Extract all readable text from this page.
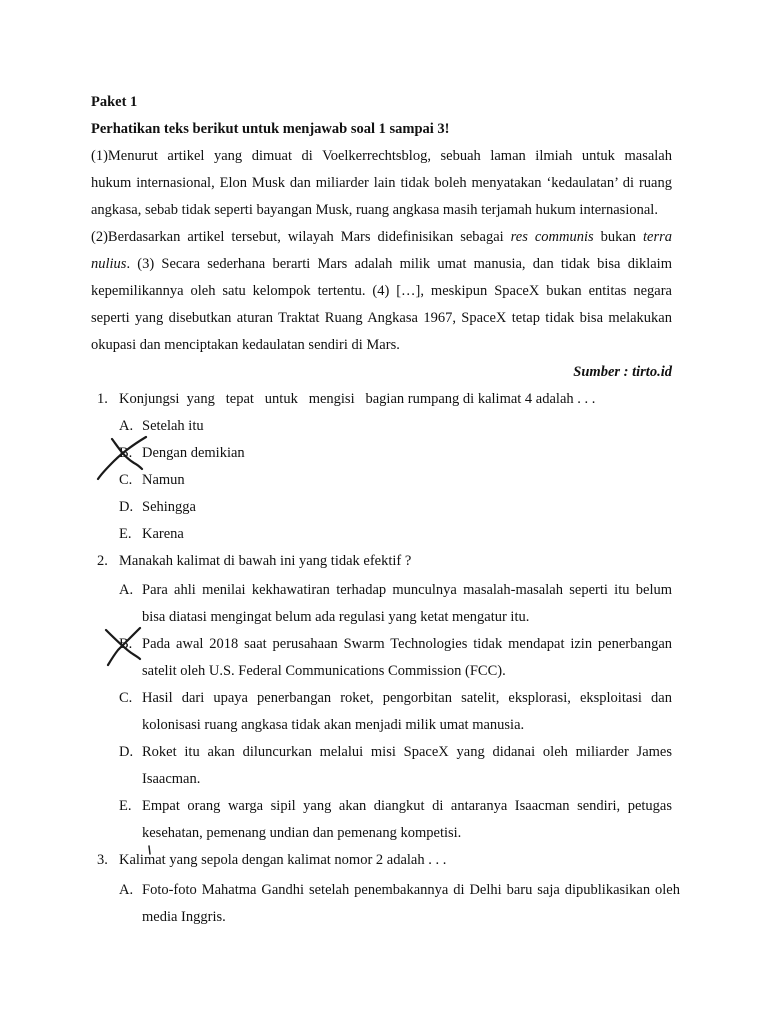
Paket 1

Perhatikan teks berikut untuk menjawab soal 1 sampai 3!

(1)Menurut artikel yang dimuat di Voelkerrechtsblog, sebuah laman ilmiah untuk masalah

hukum internasional, Elon Musk dan miliarder lain tidak boleh menyatakan ‘kedaulatan’ di ruang

angkasa, sebab tidak seperti bayangan Musk, ruang angkasa masih terjamah hukum internasional.

(2)Berdasarkan artikel tersebut, wilayah Mars didefinisikan sebagai res communis bukan terra

nulius. (3) Secara sederhana berarti Mars adalah milik umat manusia, dan tidak bisa diklaim

kepemilikannya oleh satu kelompok tertentu. (4) […], meskipun SpaceX bukan entitas negara

seperti yang disebutkan aturan Traktat Ruang Angkasa 1967, SpaceX tetap tidak bisa melakukan

okupasi dan menciptakan kedaulatan sendiri di Mars.

Sumber : tirto.id

1. Konjungsi  yang   tepat   untuk   mengisi   bagian rumpang di kalimat 4 adalah . . .

A. Setelah itu

B. Dengan demikian

C. Namun

D. Sehingga

E. Karena

2. Manakah kalimat di bawah ini yang tidak efektif ?

A. Para ahli menilai kekhawatiran terhadap munculnya masalah-masalah seperti itu belum

bisa diatasi mengingat belum ada regulasi yang ketat mengatur itu.

B. Pada awal 2018 saat perusahaan Swarm Technologies tidak mendapat izin penerbangan

satelit oleh U.S. Federal Communications Commission (FCC).

C. Hasil dari upaya penerbangan roket, pengorbitan satelit, eksplorasi, eksploitasi dan

kolonisasi ruang angkasa tidak akan menjadi milik umat manusia.

D. Roket itu akan diluncurkan melalui misi SpaceX yang didanai oleh miliarder James

Isaacman.

E. Empat orang warga sipil yang akan diangkut di antaranya Isaacman sendiri, petugas

kesehatan, pemenang undian dan pemenang kompetisi.

3. Kalimat yang sepola dengan kalimat nomor 2 adalah . . .

A. Foto-foto Mahatma Gandhi setelah penembakannya di Delhi baru saja dipublikasikan oleh

media Inggris.
